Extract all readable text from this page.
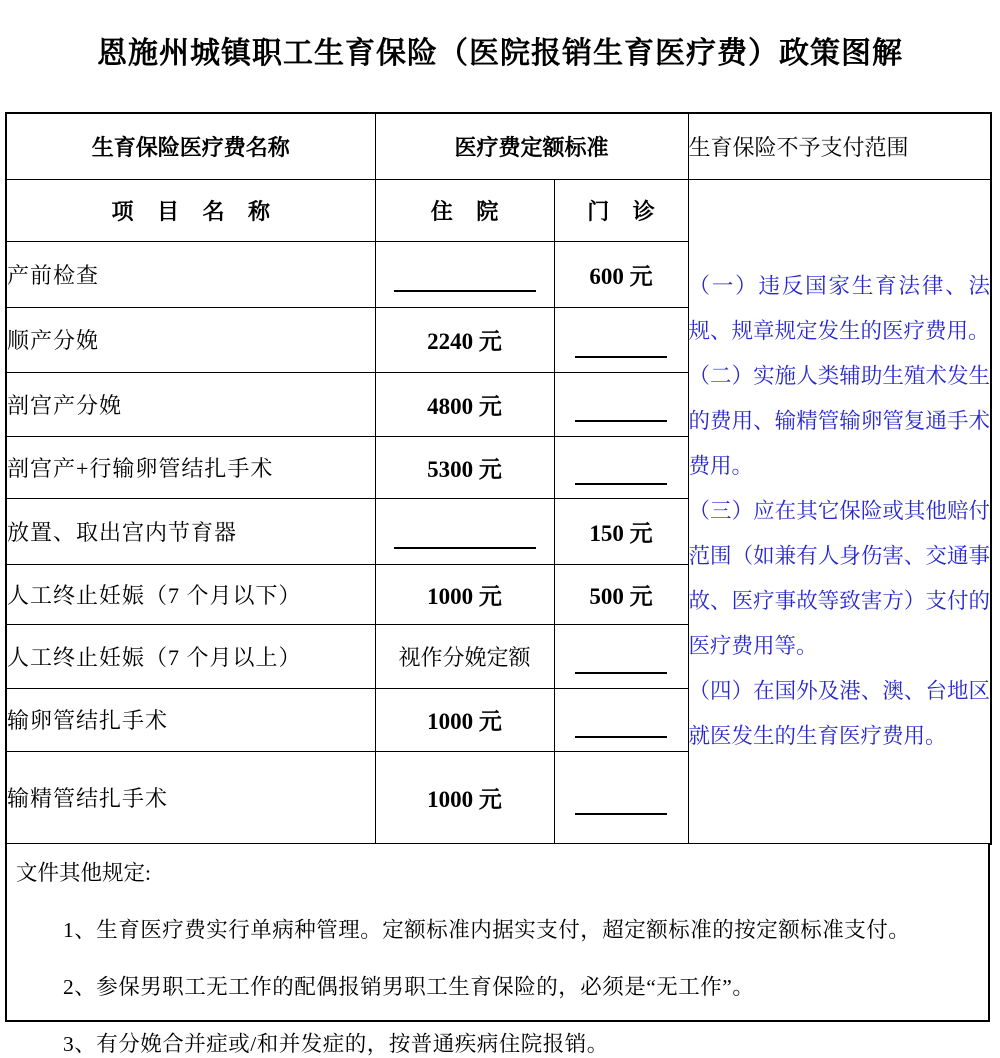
恩施州城镇职工生育保险（医院报销生育医疗费）政策图解
生育保险医疗费名称	医疗费定额标准		生育保险不予支付范围
项 目 名 称	住 院	门 诊	（一）违反国家生育法律、法规、规章规定发生的医疗费用。

（二）实施人类辅助生殖术发生的费用、输精管输卵管复通手术费用。

（三）应在其它保险或其他赔付范围（如兼有人身伤害、交通事故、医疗事故等致害方）支付的医疗费用等。

（四）在国外及港、澳、台地区就医发生的生育医疗费用。

产前检查		600 元	
顺产分娩	2240 元		
剖宫产分娩	4800 元		
剖宫产+行输卵管结扎手术	5300 元		
放置、取出宫内节育器		150 元	
人工终止妊娠（7 个月以下）	1000 元	500 元	
人工终止妊娠（7 个月以上）	视作分娩定额		
输卵管结扎手术	1000 元		
输精管结扎手术	1000 元		
文件其他规定:
1、生育医疗费实行单病种管理。定额标准内据实支付，超定额标准的按定额标准支付。
2、参保男职工无工作的配偶报销男职工生育保险的，必须是“无工作”。
3、有分娩合并症或/和并发症的，按普通疾病住院报销。
